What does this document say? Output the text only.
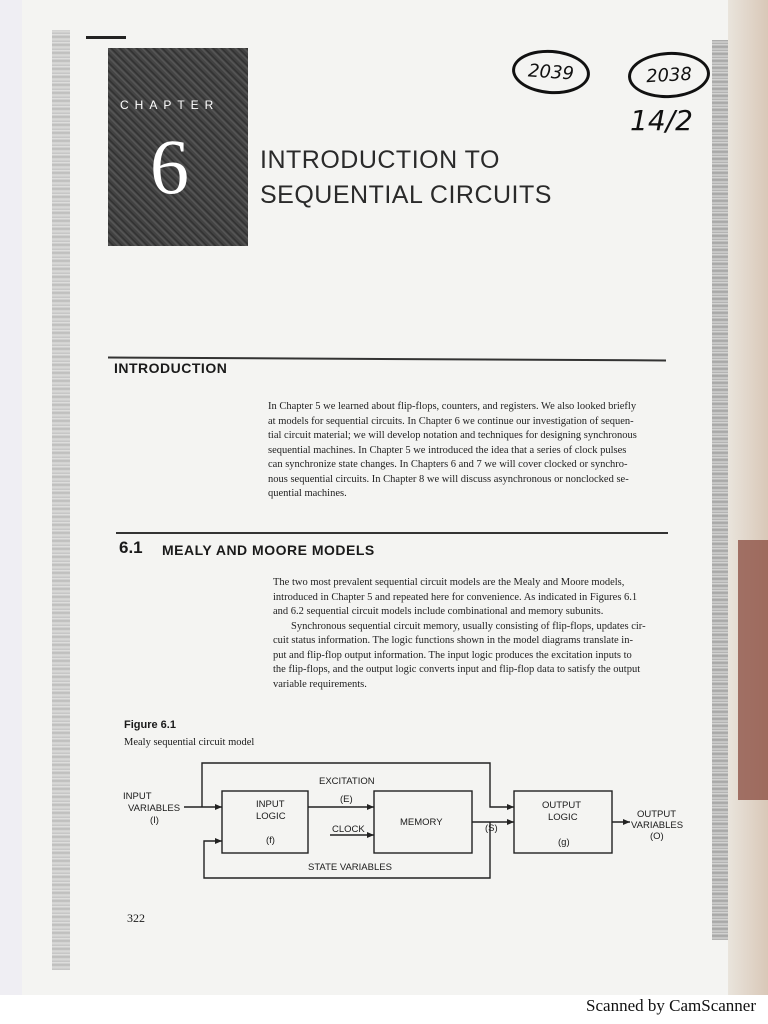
CHAPTER
6	INTRODUCTION TO
SEQUENTIAL CIRCUITS
2039	2038
14/2
INTRODUCTION

In Chapter 5 we learned about flip-flops, counters, and registers. We also looked briefly

at models for sequential circuits. In Chapter 6 we continue our investigation of sequen-

tial circuit material; we will develop notation and techniques for designing synchronous

sequential machines. In Chapter 5 we introduced the idea that a series of clock pulses

can synchronize state changes. In Chapters 6 and 7 we will cover clocked or synchro-

nous sequential circuits. In Chapter 8 we will discuss asynchronous or nonclocked se-

quential machines.

6.1 MEALY AND MOORE MODELS

The two most prevalent sequential circuit models are the Mealy and Moore models,

introduced in Chapter 5 and repeated here for convenience. As indicated in Figures 6.1

and 6.2 sequential circuit models include combinational and memory subunits.

Synchronous sequential circuit memory, usually consisting of flip-flops, updates cir-

cuit status information. The logic functions shown in the model diagrams translate in-

put and flip-flop output information. The input logic produces the excitation inputs to

the flip-flops, and the output logic converts input and flip-flop data to satisfy the output

variable requirements.

Figure 6.1
Mealy sequential circuit model
EXCITATION
INPUT
VARIABLES
(I)
INPUT
LOGIC
(f)
(E)
CLOCK
MEMORY
(S)
OUTPUT
LOGIC
(g)
OUTPUT
VARIABLES
(O)
STATE VARIABLES
322
Scanned by CamScanner
